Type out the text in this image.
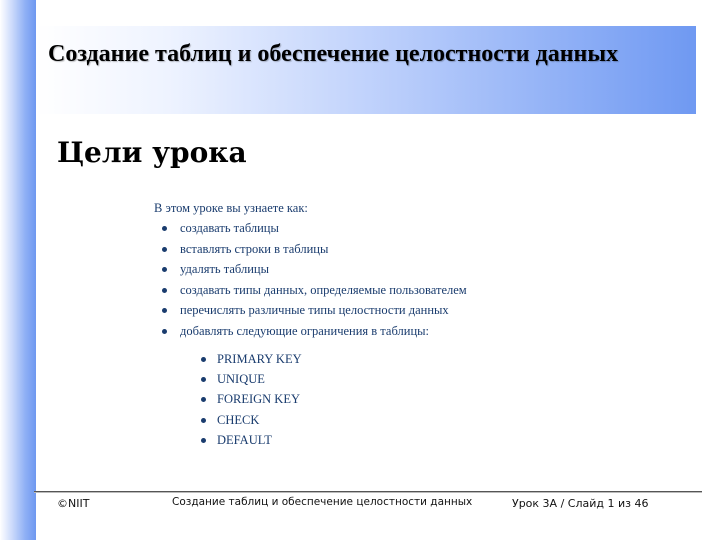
Создание таблиц и обеспечение целостности данных
Цели урока

В этом уроке вы узнаете как:

создавать таблицы
вставлять строки в таблицы
удалять таблицы
создавать типы данных, определяемые пользователем
перечислять различные типы целостности данных
добавлять следующие ограничения в таблицы:
PRIMARY KEY
UNIQUE
FOREIGN KEY
CHECK
DEFAULT
©NIIT	Создание таблиц и обеспечение целостности данных	Урок 3A / Слайд 1 из 46
